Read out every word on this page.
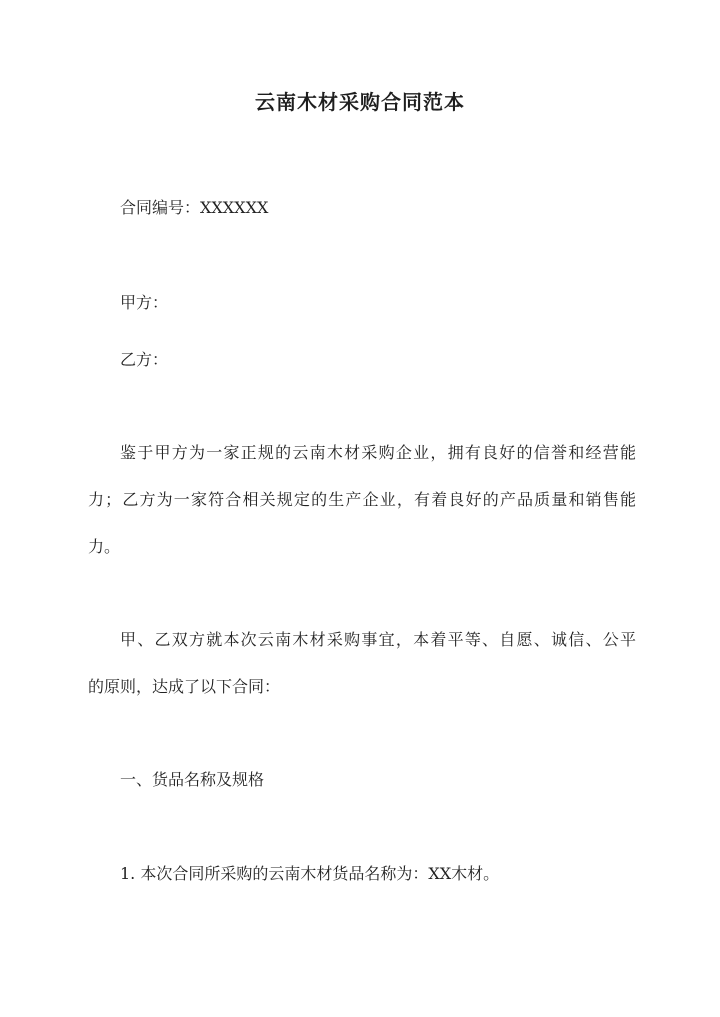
云南木材采购合同范本
合同编号：XXXXXX
甲方：
乙方：
鉴于甲方为一家正规的云南木材采购企业，拥有良好的信誉和经营能
力；乙方为一家符合相关规定的生产企业，有着良好的产品质量和销售能
力。
甲、乙双方就本次云南木材采购事宜，本着平等、自愿、诚信、公平
的原则，达成了以下合同：
一、货品名称及规格
1. 本次合同所采购的云南木材货品名称为：XX木材。
